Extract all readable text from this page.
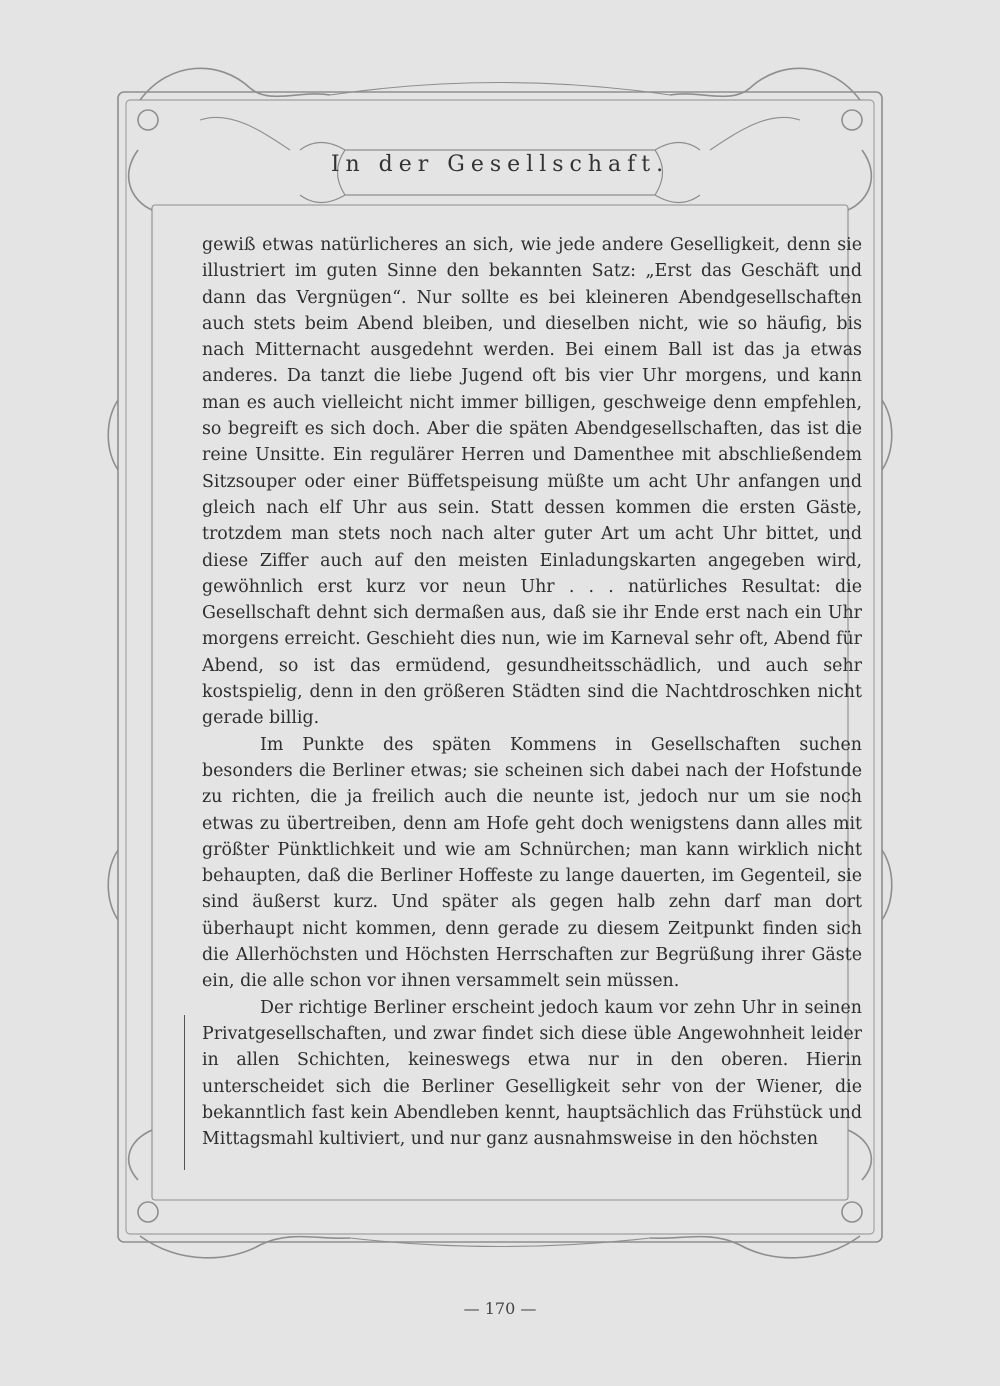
In der Gesellschaft.

gewiß etwas natürlicheres an sich, wie jede andere Geselligkeit, denn sie illustriert im guten Sinne den bekannten Satz: „Erst das Geschäft und dann das Vergnügen“. Nur sollte es bei kleineren Abendgesellschaften auch stets beim Abend bleiben, und dieselben nicht, wie so häufig, bis nach Mitternacht ausgedehnt werden. Bei einem Ball ist das ja etwas anderes. Da tanzt die liebe Jugend oft bis vier Uhr morgens, und kann man es auch vielleicht nicht immer billigen, geschweige denn empfehlen, so begreift es sich doch. Aber die späten Abendgesellschaften, das ist die reine Unsitte. Ein regulärer Herren und Damenthee mit abschließendem Sitzsouper oder einer Büffetspeisung müßte um acht Uhr anfangen und gleich nach elf Uhr aus sein. Statt dessen kommen die ersten Gäste, trotzdem man stets noch nach alter guter Art um acht Uhr bittet, und diese Ziffer auch auf den meisten Einladungskarten angegeben wird, gewöhnlich erst kurz vor neun Uhr . . . natürliches Resultat: die Gesellschaft dehnt sich dermaßen aus, daß sie ihr Ende erst nach ein Uhr morgens erreicht. Geschieht dies nun, wie im Karneval sehr oft, Abend für Abend, so ist das ermüdend, gesundheitsschädlich, und auch sehr kostspielig, denn in den größeren Städten sind die Nachtdroschken nicht gerade billig.

Im Punkte des späten Kommens in Gesellschaften suchen besonders die Berliner etwas; sie scheinen sich dabei nach der Hofstunde zu richten, die ja freilich auch die neunte ist, jedoch nur um sie noch etwas zu übertreiben, denn am Hofe geht doch wenigstens dann alles mit größter Pünktlichkeit und wie am Schnürchen; man kann wirklich nicht behaupten, daß die Berliner Hoffeste zu lange dauerten, im Gegenteil, sie sind äußerst kurz. Und später als gegen halb zehn darf man dort überhaupt nicht kommen, denn gerade zu diesem Zeitpunkt finden sich die Allerhöchsten und Höchsten Herrschaften zur Begrüßung ihrer Gäste ein, die alle schon vor ihnen versammelt sein müssen.

Der richtige Berliner erscheint jedoch kaum vor zehn Uhr in seinen Privatgesellschaften, und zwar findet sich diese üble Angewohnheit leider in allen Schichten, keineswegs etwa nur in den oberen. Hierin unterscheidet sich die Berliner Geselligkeit sehr von der Wiener, die bekanntlich fast kein Abendleben kennt, hauptsächlich das Frühstück und Mittagsmahl kultiviert, und nur ganz ausnahmsweise in den höchsten

— 170 —
